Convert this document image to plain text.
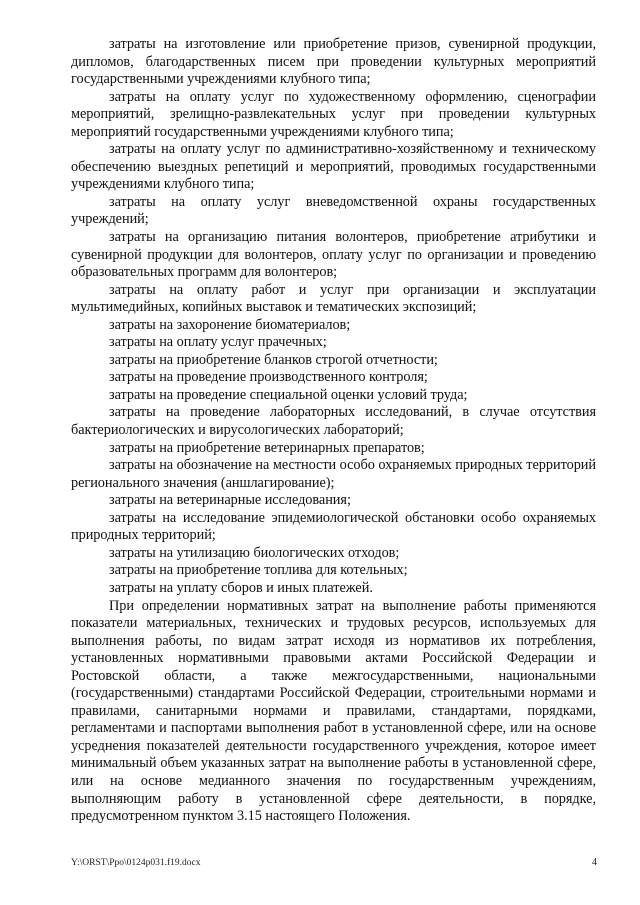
затраты на изготовление или приобретение призов, сувенирной продукции, дипломов, благодарственных писем при проведении культурных мероприятий государственными учреждениями клубного типа;

затраты на оплату услуг по художественному оформлению, сценографии мероприятий, зрелищно-развлекательных услуг при проведении культурных мероприятий государственными учреждениями клубного типа;

затраты на оплату услуг по административно-хозяйственному и техническому обеспечению выездных репетиций и мероприятий, проводимых государственными учреждениями клубного типа;

затраты на оплату услуг вневедомственной охраны государственных учреждений;

затраты на организацию питания волонтеров, приобретение атрибутики и сувенирной продукции для волонтеров, оплату услуг по организации и проведению образовательных программ для волонтеров;

затраты на оплату работ и услуг при организации и эксплуатации мультимедийных, копийных выставок и тематических экспозиций;

затраты на захоронение биоматериалов;

затраты на оплату услуг прачечных;

затраты на приобретение бланков строгой отчетности;

затраты на проведение производственного контроля;

затраты на проведение специальной оценки условий труда;

затраты на проведение лабораторных исследований, в случае отсутствия бактериологических и вирусологических лабораторий;

затраты на приобретение ветеринарных препаратов;

затраты на обозначение на местности особо охраняемых природных территорий регионального значения (аншлагирование);

затраты на ветеринарные исследования;

затраты на исследование эпидемиологической обстановки особо охраняемых природных территорий;

затраты на утилизацию биологических отходов;

затраты на приобретение топлива для котельных;

затраты на уплату сборов и иных платежей.

При определении нормативных затрат на выполнение работы применяются показатели материальных, технических и трудовых ресурсов, используемых для выполнения работы, по видам затрат исходя из нормативов их потребления, установленных нормативными правовыми актами Российской Федерации и Ростовской области, а также межгосударственными, национальными (государственными) стандартами Российской Федерации, строительными нормами и правилами, санитарными нормами и правилами, стандартами, порядками, регламентами и паспортами выполнения работ в установленной сфере, или на основе усреднения показателей деятельности государственного учреждения, которое имеет минимальный объем указанных затрат на выполнение работы в установленной сфере, или на основе медианного значения по государственным учреждениям, выполняющим работу в установленной сфере деятельности, в порядке, предусмотренном пунктом 3.15 настоящего Положения.

Y:\ORST\Ppo\0124p031.f19.docx	4
